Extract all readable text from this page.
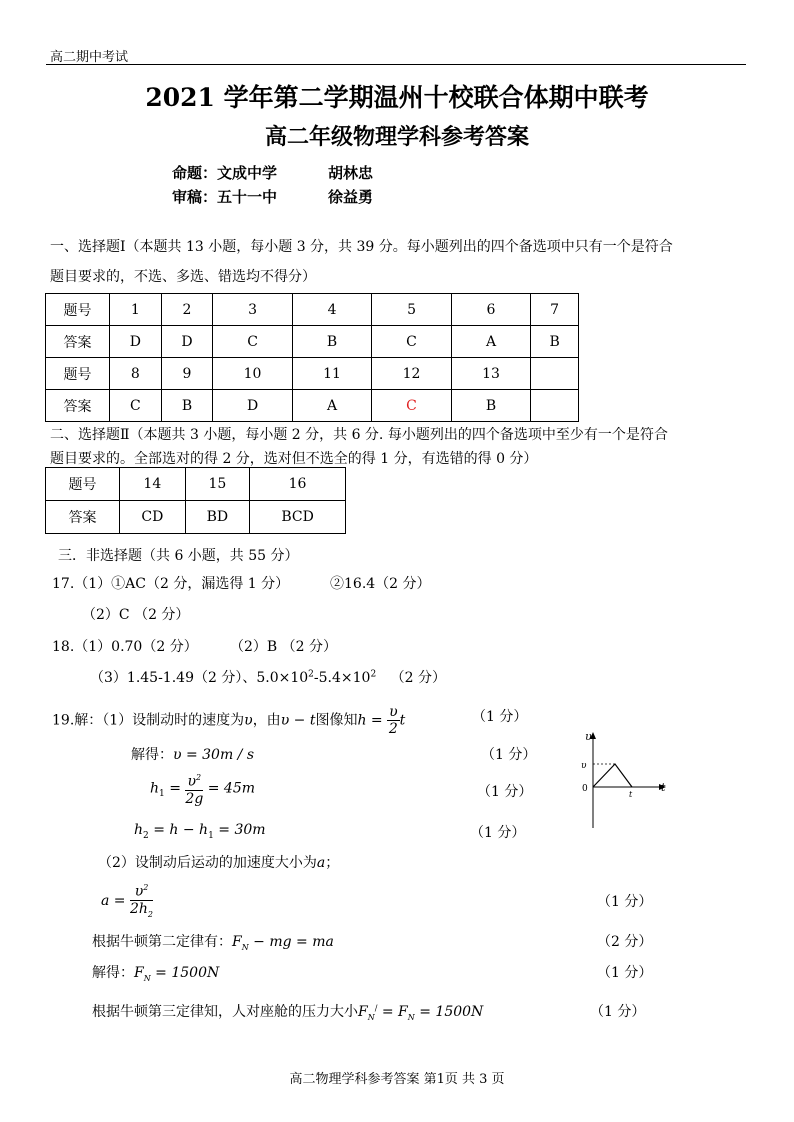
高二期中考试
2021 学年第二学期温州十校联合体期中联考
高二年级物理学科参考答案
命题：文成中学	胡林忠
审稿：五十一中	徐益勇
一、选择题Ⅰ（本题共 13 小题，每小题 3 分，共 39 分。每小题列出的四个备选项中只有一个是符合
题目要求的，不选、多选、错选均不得分）
题号	1	2	3	4	5	6	7
答案	D	D	C	B	C	A	B
题号	8	9	10	11	12	13	
答案	C	B	D	A	C	B	
二、选择题Ⅱ（本题共 3 小题，每小题 2 分，共 6 分. 每小题列出的四个备选项中至少有一个是符合
题目要求的。全部选对的得 2 分，选对但不选全的得 1 分，有选错的得 0 分）
题号	14	15	16
答案	CD	BD	BCD
三．非选择题（共 6 小题，共 55 分）
17.（1）①AC（2 分，漏选得 1 分）	②16.4（2 分）
（2）C （2 分）
18.（1）0.70（2 分） （2）B （2 分）
（3）1.45-1.49（2 分）、$5.0\times 10^2-5.4\times 10^2$ （2 分）
19.解：（1）设制动时的速度为υ，由υ − t图像知$h = \frac{\upsilon}{2}$ t	（1 分）
解得：υ = 30m / s	（1 分）
$h_1 = \frac{\upsilon^2}{2g} = 45m$	（1 分）
$h_2 = h - h_1 = 30m$	（1 分）
υ
υ
0
t
t
（2）设制动后运动的加速度大小为a；
$a = \frac{\upsilon^2}{2h_2}$	（1 分）
根据牛顿第二定律有：$F_N$ − mg = ma	（2 分）
解得：$F_N = 1500N$	（1 分）
根据牛顿第三定律知，人对座舱的压力大小$F_N^/ = F_N = 1500N$	（1 分）
高二物理学科参考答案 第1页 共 3 页
